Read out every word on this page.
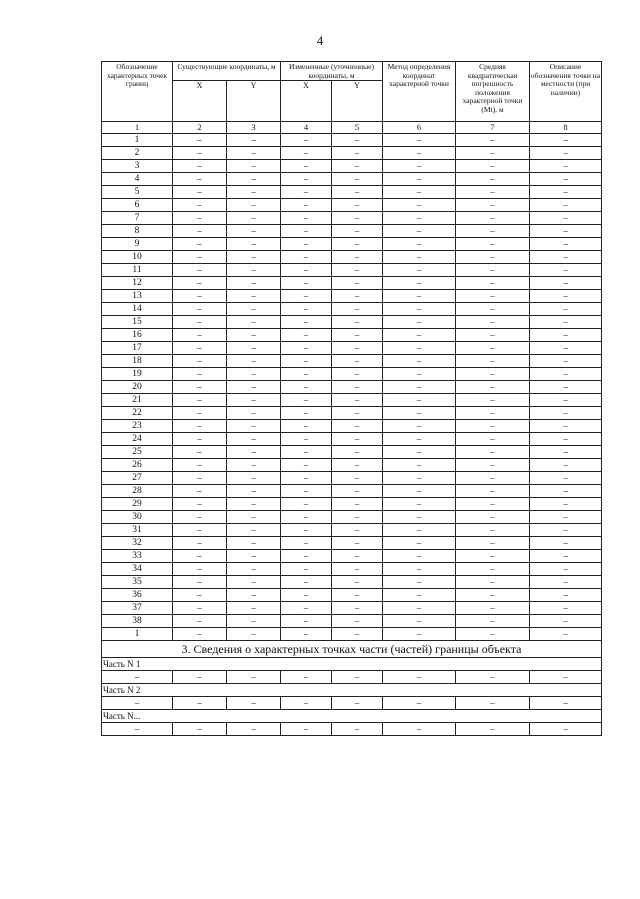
4
Обозначение характерных точек границ	Существующие координаты, м		Измененные (уточненные) координаты, м		Метод определения координат характерной точки	Средняя квадратическая погрешность положения характерной точки (Mt), м	Описание обозначения точки на местности (при наличии)
	X	Y	X	Y			
1	2	3	4	5	6	7	8
1	–	–	–	–	–	–	–
2	–	–	–	–	–	–	–
3	–	–	–	–	–	–	–
4	–	–	–	–	–	–	–
5	–	–	–	–	–	–	–
6	–	–	–	–	–	–	–
7	–	–	–	–	–	–	–
8	–	–	–	–	–	–	–
9	–	–	–	–	–	–	–
10	–	–	–	–	–	–	–
11	–	–	–	–	–	–	–
12	–	–	–	–	–	–	–
13	–	–	–	–	–	–	–
14	–	–	–	–	–	–	–
15	–	–	–	–	–	–	–
16	–	–	–	–	–	–	–
17	–	–	–	–	–	–	–
18	–	–	–	–	–	–	–
19	–	–	–	–	–	–	–
20	–	–	–	–	–	–	–
21	–	–	–	–	–	–	–
22	–	–	–	–	–	–	–
23	–	–	–	–	–	–	–
24	–	–	–	–	–	–	–
25	–	–	–	–	–	–	–
26	–	–	–	–	–	–	–
27	–	–	–	–	–	–	–
28	–	–	–	–	–	–	–
29	–	–	–	–	–	–	–
30	–	–	–	–	–	–	–
31	–	–	–	–	–	–	–
32	–	–	–	–	–	–	–
33	–	–	–	–	–	–	–
34	–	–	–	–	–	–	–
35	–	–	–	–	–	–	–
36	–	–	–	–	–	–	–
37	–	–	–	–	–	–	–
38	–	–	–	–	–	–	–
1	–	–	–	–	–	–	–
3. Сведения о характерных точках части (частей) границы объекта							
Часть N 1							
–	–	–	–	–	–	–	–
Часть N 2							
–	–	–	–	–	–	–	–
Часть N...							
–	–	–	–	–	–	–	–
